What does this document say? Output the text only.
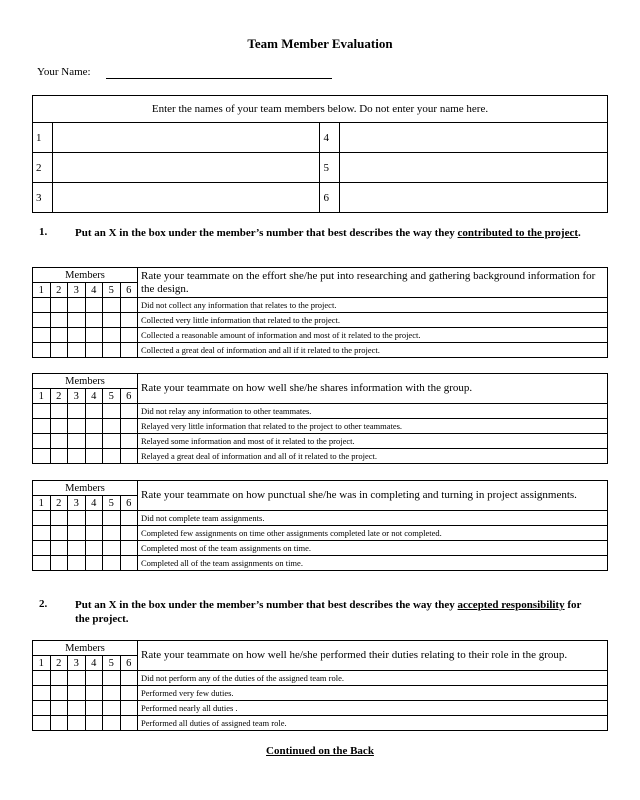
Team Member Evaluation
Your Name:
Enter the names of your team members below. Do not enter your name here.			
1		4	
2		5	
3		6	
1.	Put an X in the box under the member’s number that best describes the way they contributed to the project.
Members						Rate your teammate on the effort she/he put into researching and gathering background information for the design.
1	2	3	4	5	6	
						Did not collect any information that relates to the project.
						Collected very little information that related to the project.
						Collected a reasonable amount of information and most of it related to the project.
						Collected a great deal of information and all if it related to the project.
Members						Rate your teammate on how well she/he shares information with the group.
1	2	3	4	5	6	
						Did not relay any information to other teammates.
						Relayed very little information that related to the project to other teammates.
						Relayed some information and most of it related to the project.
						Relayed a great deal of information and all of it related to the project.
Members						Rate your teammate on how punctual she/he was in completing and turning in project assignments.
1	2	3	4	5	6	
						Did not complete team assignments.
						Completed few assignments on time other assignments completed late or not completed.
						Completed most of the team assignments on time.
						Completed all of the team assignments on time.
Members						Rate your teammate on how well he/she performed their duties relating to their role in the group.
1	2	3	4	5	6	
						Did not perform any of the duties of the assigned team role.
						Performed very few duties.
						Performed nearly all duties .
						Performed all duties of assigned team role.
2.	Put an X in the box under the member’s number that best describes the way they accepted responsibility for the project.
Continued on the Back
